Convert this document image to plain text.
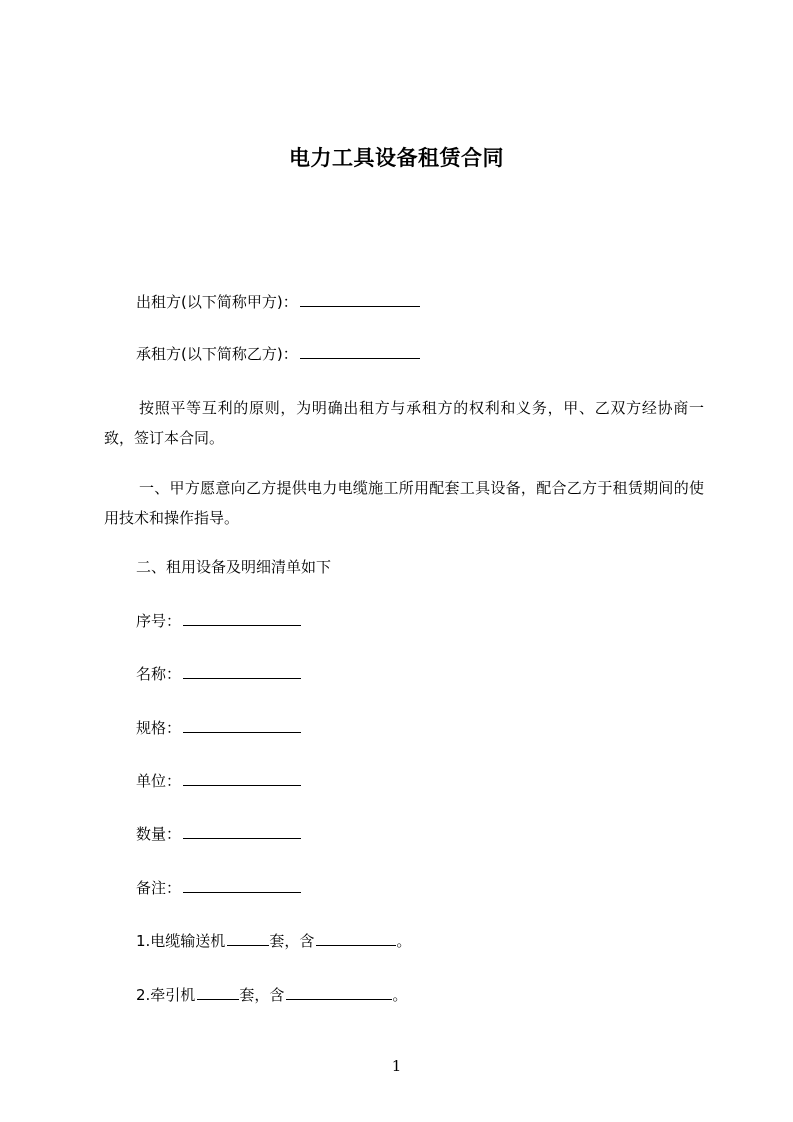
电力工具设备租赁合同
出租方(以下简称甲方)：
承租方(以下简称乙方)：
按照平等互利的原则，为明确出租方与承租方的权利和义务，甲、乙双方经协商一致，签订本合同。
一、甲方愿意向乙方提供电力电缆施工所用配套工具设备，配合乙方于租赁期间的使用技术和操作指导。
二、租用设备及明细清单如下
序号：
名称：
规格：
单位：
数量：
备注：
1.电缆输送机	套，含	。
2.牵引机	套，含	。
1
